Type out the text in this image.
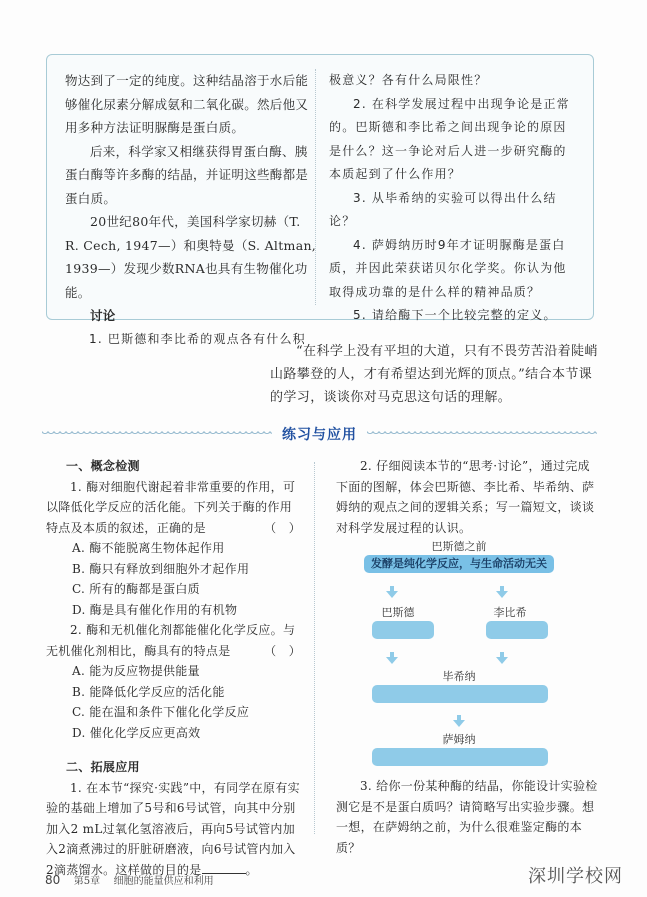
物达到了一定的纯度。这种结晶溶于水后能够催化尿素分解成氨和二氧化碳。然后他又用多种方法证明脲酶是蛋白质。

后来，科学家又相继获得胃蛋白酶、胰蛋白酶等许多酶的结晶，并证明这些酶都是蛋白质。

20世纪80年代，美国科学家切赫（T. R. Cech, 1947—）和奥特曼（S. Altman, 1939—）发现少数RNA也具有生物催化功能。

讨论

1. 巴斯德和李比希的观点各有什么积

极意义？各有什么局限性？

2. 在科学发展过程中出现争论是正常的。巴斯德和李比希之间出现争论的原因是什么？这一争论对后人进一步研究酶的本质起到了什么作用？

3. 从毕希纳的实验可以得出什么结论？

4. 萨姆纳历时9年才证明脲酶是蛋白质，并因此荣获诺贝尔化学奖。你认为他取得成功靠的是什么样的精神品质？

5. 请给酶下一个比较完整的定义。

“在科学上没有平坦的大道，只有不畏劳苦沿着陡峭山路攀登的人，才有希望达到光辉的顶点。”结合本节课的学习，谈谈你对马克思这句话的理解。
练习与应用

一、概念检测

1. 酶对细胞代谢起着非常重要的作用，可以降低化学反应的活化能。下列关于酶的作用特点及本质的叙述，正确的是	（　）

A. 酶不能脱离生物体起作用

B. 酶只有释放到细胞外才起作用

C. 所有的酶都是蛋白质

D. 酶是具有催化作用的有机物

2. 酶和无机催化剂都能催化化学反应。与无机催化剂相比，酶具有的特点是	（　）

A. 能为反应物提供能量

B. 能降低化学反应的活化能

C. 能在温和条件下催化化学反应

D. 催化化学反应更高效

二、拓展应用

1. 在本节“探究·实践”中，有同学在原有实验的基础上增加了5号和6号试管，向其中分别加入2 mL过氧化氢溶液后，再向5号试管内加入2滴煮沸过的肝脏研磨液，向6号试管内加入2滴蒸馏水。这样做的目的是	。

2. 仔细阅读本节的“思考·讨论”，通过完成下面的图解，体会巴斯德、李比希、毕希纳、萨姆纳的观点之间的逻辑关系；写一篇短文，谈谈对科学发展过程的认识。

巴斯德之前
发酵是纯化学反应，与生命活动无关
巴斯德	李比希
毕希纳
萨姆纳

3. 给你一份某种酶的结晶，你能设计实验检测它是不是蛋白质吗？请简略写出实验步骤。想一想，在萨姆纳之前，为什么很难鉴定酶的本质？

80 第5章 细胞的能量供应和利用	深圳学校网
